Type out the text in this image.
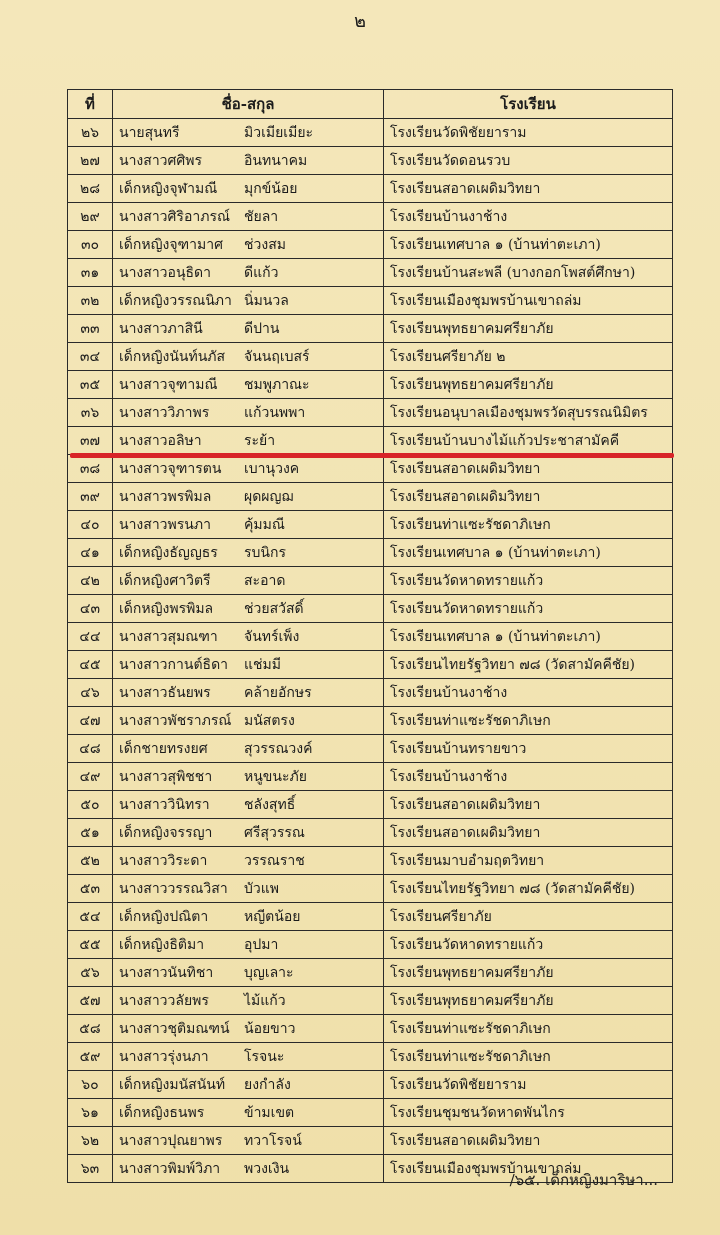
๒
ที่	ชื่อ-สกุล	โรงเรียน
๒๖	นายสุนทรี มิวเมียเมียะ	โรงเรียนวัดพิชัยยาราม
๒๗	นางสาวศศิพร อินทนาคม	โรงเรียนวัดดอนรวบ
๒๘	เด็กหญิงจุฬามณี มุกข์น้อย	โรงเรียนสอาดเผดิมวิทยา
๒๙	นางสาวศิริอาภรณ์ ชัยลา	โรงเรียนบ้านงาช้าง
๓๐	เด็กหญิงจุฑามาศ ช่วงสม	โรงเรียนเทศบาล ๑ (บ้านท่าตะเภา)
๓๑	นางสาวอนุธิดา ดีแก้ว	โรงเรียนบ้านสะพลี (บางกอกโพสต์ศึกษา)
๓๒	เด็กหญิงวรรณนิภา นิ่มนวล	โรงเรียนเมืองชุมพรบ้านเขาถล่ม
๓๓	นางสาวภาสินี ดีปาน	โรงเรียนพุทธยาคมศรียาภัย
๓๔	เด็กหญิงนันท์นภัส จันนฤเบสร์	โรงเรียนศรียาภัย ๒
๓๕	นางสาวจุฑามณี ชมพูภาณะ	โรงเรียนพุทธยาคมศรียาภัย
๓๖	นางสาววิภาพร แก้วนพพา	โรงเรียนอนุบาลเมืองชุมพรวัดสุบรรณนิมิตร
๓๗	นางสาวอลิษา ระย้า	โรงเรียนบ้านบางไม้แก้วประชาสามัคคี
๓๘	นางสาวจุฑารตน เบานุวงค	โรงเรียนสอาดเผดิมวิทยา
๓๙	นางสาวพรพิมล ผุดผญฌ	โรงเรียนสอาดเผดิมวิทยา
๔๐	นางสาวพรนภา คุ้มมณี	โรงเรียนท่าแซะรัชดาภิเษก
๔๑	เด็กหญิงธัญญธร รบนิกร	โรงเรียนเทศบาล ๑ (บ้านท่าตะเภา)
๔๒	เด็กหญิงศาวิตรี สะอาด	โรงเรียนวัดหาดทรายแก้ว
๔๓	เด็กหญิงพรพิมล ช่วยสวัสดิ์	โรงเรียนวัดหาดทรายแก้ว
๔๔	นางสาวสุมณฑา จันทร์เพ็ง	โรงเรียนเทศบาล ๑ (บ้านท่าตะเภา)
๔๕	นางสาวกานต์ธิดา แช่มมี	โรงเรียนไทยรัฐวิทยา ๗๘ (วัดสามัคคีชัย)
๔๖	นางสาวธันยพร คล้ายอักษร	โรงเรียนบ้านงาช้าง
๔๗	นางสาวพัชราภรณ์ มนัสตรง	โรงเรียนท่าแซะรัชดาภิเษก
๔๘	เด็กชายทรงยศ สุวรรณวงค์	โรงเรียนบ้านทรายขาว
๔๙	นางสาวสุพิชชา หนูขนะภัย	โรงเรียนบ้านงาช้าง
๕๐	นางสาววินิทรา ชลังสุทธิ์	โรงเรียนสอาดเผดิมวิทยา
๕๑	เด็กหญิงจรรญา ศรีสุวรรณ	โรงเรียนสอาดเผดิมวิทยา
๕๒	นางสาววิระดา วรรณราช	โรงเรียนมาบอำมฤตวิทยา
๕๓	นางสาววรรณวิสา บัวแพ	โรงเรียนไทยรัฐวิทยา ๗๘ (วัดสามัคคีชัย)
๕๔	เด็กหญิงปณิตา หญีตน้อย	โรงเรียนศรียาภัย
๕๕	เด็กหญิงธิติมา อุปมา	โรงเรียนวัดหาดทรายแก้ว
๕๖	นางสาวนันทิชา บุญเลาะ	โรงเรียนพุทธยาคมศรียาภัย
๕๗	นางสาววลัยพร ไม้แก้ว	โรงเรียนพุทธยาคมศรียาภัย
๕๘	นางสาวชุติมณฑน์ น้อยขาว	โรงเรียนท่าแซะรัชดาภิเษก
๕๙	นางสาวรุ่งนภา โรจนะ	โรงเรียนท่าแซะรัชดาภิเษก
๖๐	เด็กหญิงมนัสนันท์ ยงกำลัง	โรงเรียนวัดพิชัยยาราม
๖๑	เด็กหญิงธนพร ข้ามเขต	โรงเรียนชุมชนวัดหาดพันไกร
๖๒	นางสาวปุณยาพร ทวาโรจน์	โรงเรียนสอาดเผดิมวิทยา
๖๓	นางสาวพิมพ์วิภา พวงเงิน	โรงเรียนเมืองชุมพรบ้านเขาถล่ม
/๖๕. เด็กหญิงมาริษา...
